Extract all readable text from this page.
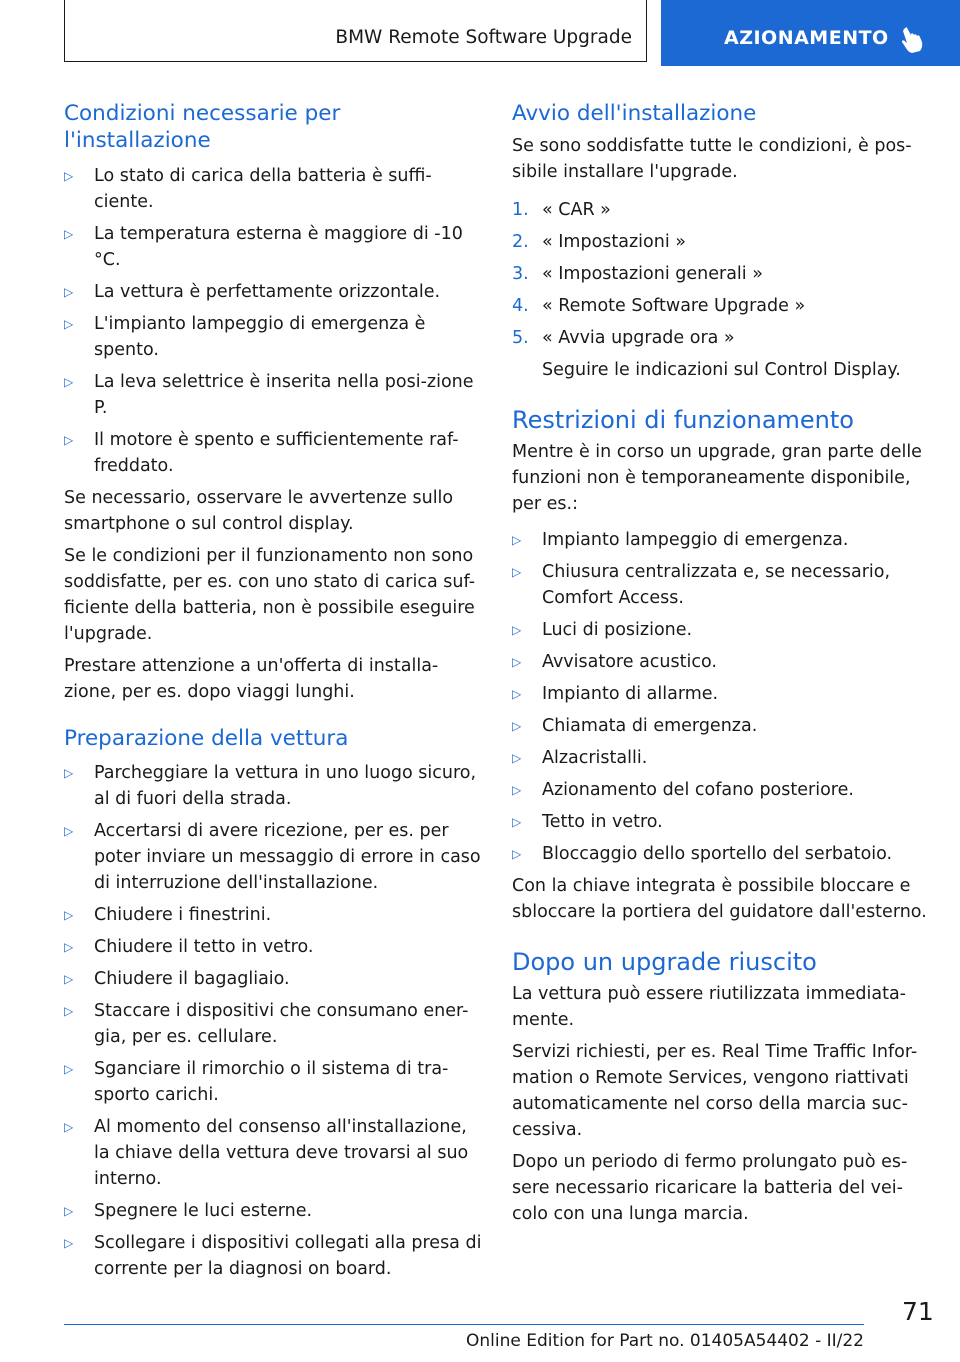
BMW Remote Software Upgrade	AZIONAMENTO
Condizioni necessarie per l'installazione
▷ Lo stato di carica della batteria è suffi-ciente.
▷ La temperatura esterna è maggiore di -10 °C.
▷ La vettura è perfettamente orizzontale.
▷ L'impianto lampeggio di emergenza è spento.
▷ La leva selettrice è inserita nella posi-zione P.
▷ Il motore è spento e sufficientemente raf-freddato.

Se necessario, osservare le avvertenze sullo smartphone o sul control display.

Se le condizioni per il funzionamento non sono soddisfatte, per es. con uno stato di carica suf-ficiente della batteria, non è possibile eseguire l'upgrade.

Prestare attenzione a un'offerta di installa-zione, per es. dopo viaggi lunghi.

Preparazione della vettura
▷ Parcheggiare la vettura in uno luogo sicuro, al di fuori della strada.
▷ Accertarsi di avere ricezione, per es. per poter inviare un messaggio di errore in caso di interruzione dell'installazione.
▷ Chiudere i finestrini.
▷ Chiudere il tetto in vetro.
▷ Chiudere il bagagliaio.
▷ Staccare i dispositivi che consumano ener-gia, per es. cellulare.
▷ Sganciare il rimorchio o il sistema di tra-sporto carichi.
▷ Al momento del consenso all'installazione, la chiave della vettura deve trovarsi al suo interno.
▷ Spegnere le luci esterne.
▷ Scollegare i dispositivi collegati alla presa di corrente per la diagnosi on board.
Avvio dell'installazione

Se sono soddisfatte tutte le condizioni, è pos-sibile installare l'upgrade.

1. « CAR »
2. « Impostazioni »
3. « Impostazioni generali »
4. « Remote Software Upgrade »
5. « Avvia upgrade ora »

Seguire le indicazioni sul Control Display.

Restrizioni di funzionamento

Mentre è in corso un upgrade, gran parte delle funzioni non è temporaneamente disponibile, per es.:

▷ Impianto lampeggio di emergenza.
▷ Chiusura centralizzata e, se necessario, Comfort Access.
▷ Luci di posizione.
▷ Avvisatore acustico.
▷ Impianto di allarme.
▷ Chiamata di emergenza.
▷ Alzacristalli.
▷ Azionamento del cofano posteriore.
▷ Tetto in vetro.
▷ Bloccaggio dello sportello del serbatoio.

Con la chiave integrata è possibile bloccare e sbloccare la portiera del guidatore dall'esterno.

Dopo un upgrade riuscito

La vettura può essere riutilizzata immediata-mente.

Servizi richiesti, per es. Real Time Traffic Infor-mation o Remote Services, vengono riattivati automaticamente nel corso della marcia suc-cessiva.

Dopo un periodo di fermo prolungato può es-sere necessario ricaricare la batteria del vei-colo con una lunga marcia.

71
Online Edition for Part no. 01405A54402 - II/22
